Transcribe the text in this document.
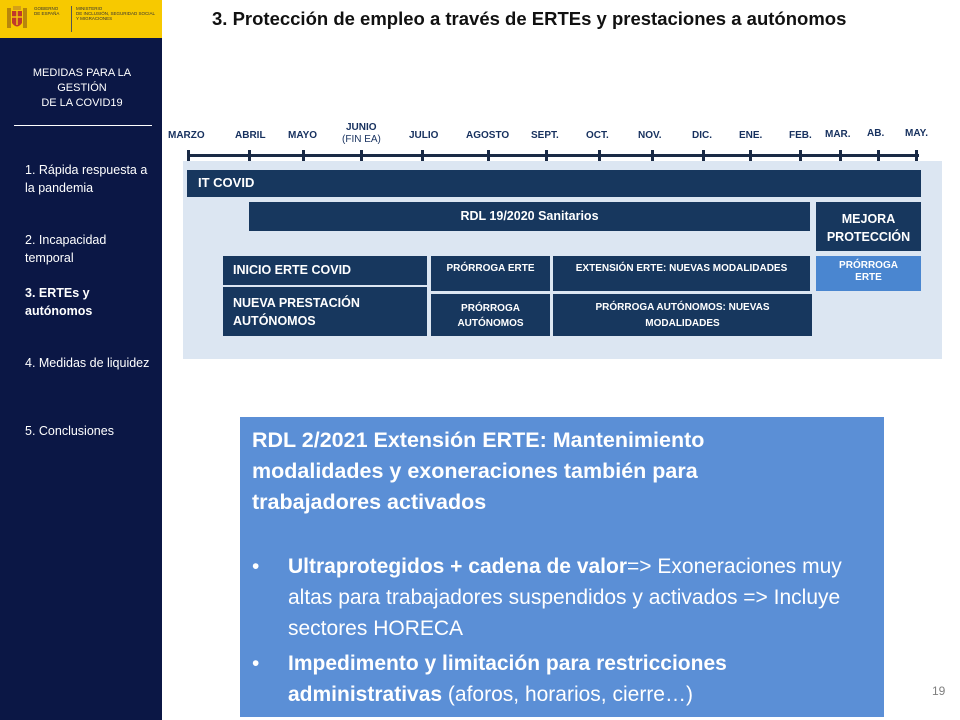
GOBIERNO
DE ESPAÑA
MINISTERIO
DE INCLUSIÓN, SEGURIDAD SOCIAL
Y MIGRACIONES
MEDIDAS PARA LA
GESTIÓN
DE LA COVID19
1. Rápida respuesta a la pandemia
2. Incapacidad temporal
3. ERTEs y autónomos
4. Medidas de liquidez
5. Conclusiones
3. Protección de empleo a través de ERTEs y prestaciones a autónomos
MARZO	ABRIL MAYO
JUNIO
(FIN EA)	JULIO	AGOSTO SEPT.	OCT.	NOV.	DIC.	ENE.	FEB. MAR. AB. MAY.
IT COVID
RDL 19/2020 Sanitarios	MEJORA
PROTECCIÓN
INICIO ERTE COVID
NUEVA PRESTACIÓN
AUTÓNOMOS
PRÓRROGA ERTE	EXTENSIÓN ERTE: NUEVAS MODALIDADES	PRÓRROGA
ERTE
PRÓRROGA
AUTÓNOMOS
PRÓRROGA AUTÓNOMOS: NUEVAS
MODALIDADES
RDL 2/2021 Extensión ERTE: Mantenimiento
modalidades y exoneraciones también para
trabajadores activados
• Ultraprotegidos + cadena de valor=> Exoneraciones muy altas para trabajadores suspendidos y activados => Incluye sectores HORECA
• Impedimento y limitación para restricciones administrativas (aforos, horarios, cierre…)	19
